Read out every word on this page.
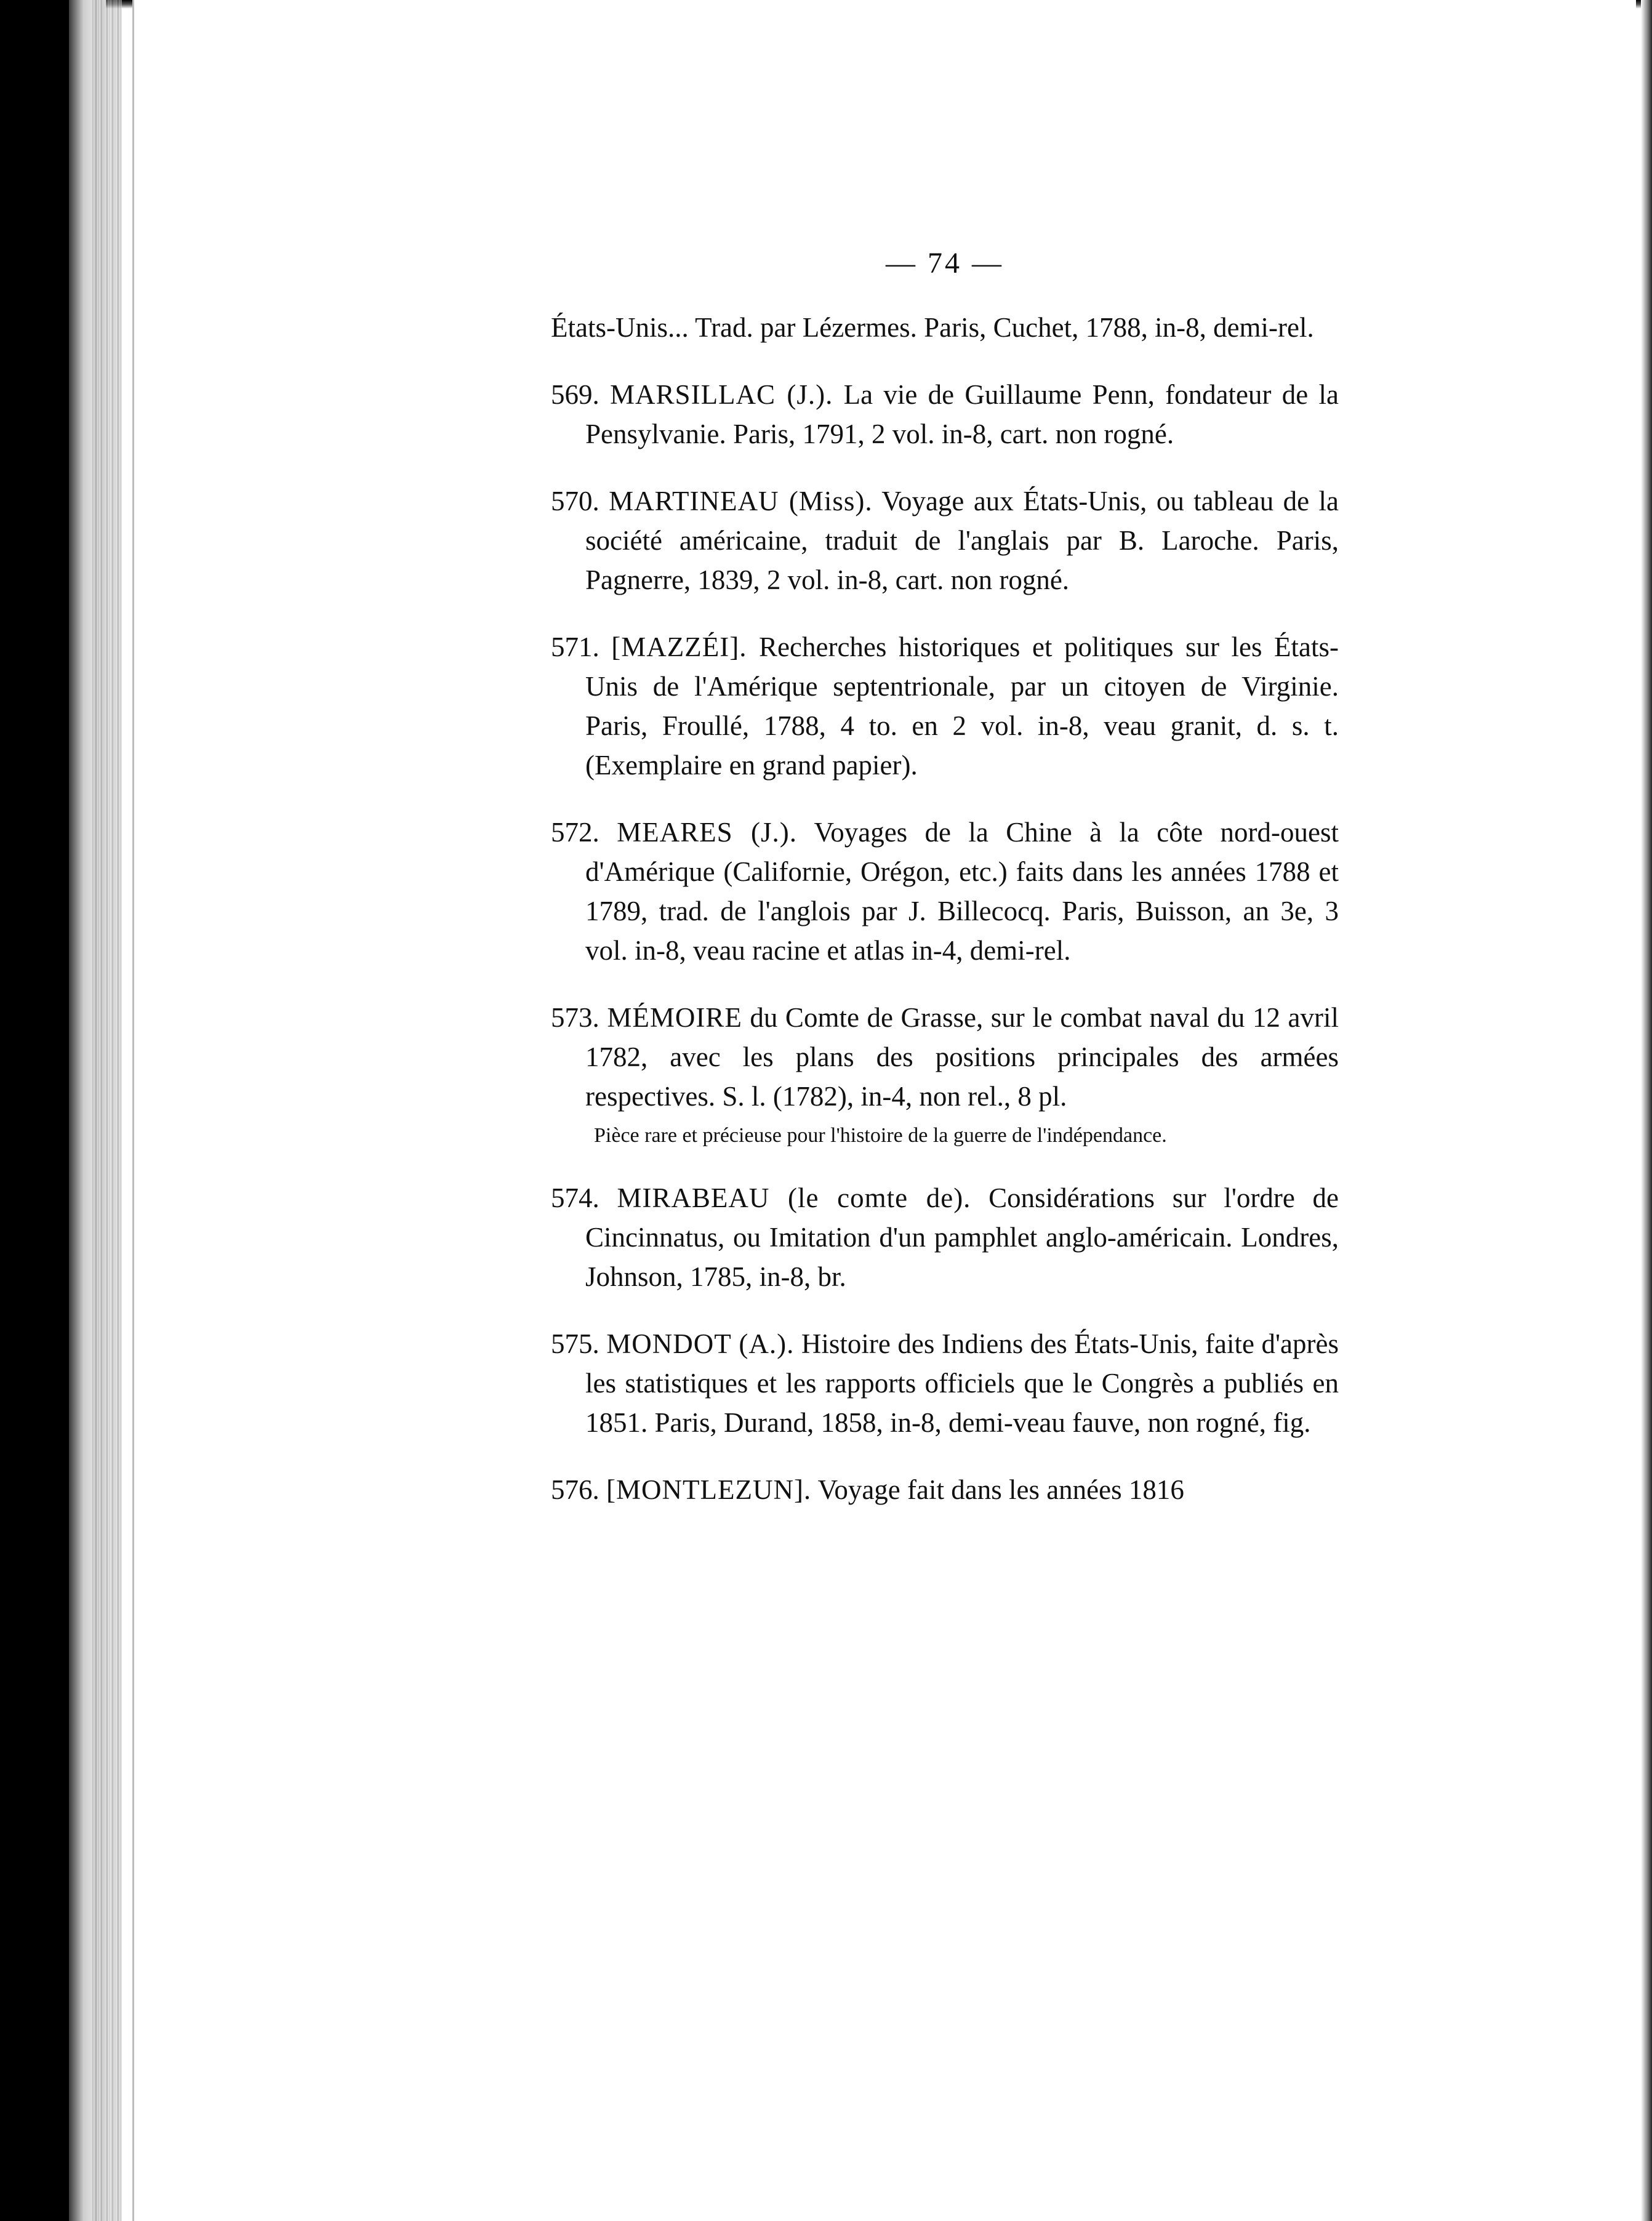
— 74 —

États-Unis... Trad. par Lézermes. Paris, Cuchet, 1788, in-8, demi-rel.

569. MARSILLAC (J.). La vie de Guillaume Penn, fondateur de la Pensylvanie. Paris, 1791, 2 vol. in-8, cart. non rogné.

570. MARTINEAU (Miss). Voyage aux États-Unis, ou tableau de la société américaine, traduit de l'anglais par B. Laroche. Paris, Pagnerre, 1839, 2 vol. in-8, cart. non rogné.

571. [MAZZÉI]. Recherches historiques et politiques sur les États-Unis de l'Amérique septentrionale, par un citoyen de Virginie. Paris, Froullé, 1788, 4 to. en 2 vol. in-8, veau granit, d. s. t. (Exemplaire en grand papier).

572. MEARES (J.). Voyages de la Chine à la côte nord-ouest d'Amérique (Californie, Orégon, etc.) faits dans les années 1788 et 1789, trad. de l'anglois par J. Billecocq. Paris, Buisson, an 3e, 3 vol. in-8, veau racine et atlas in-4, demi-rel.

573. MÉMOIRE du Comte de Grasse, sur le combat naval du 12 avril 1782, avec les plans des positions principales des armées respectives. S. l. (1782), in-4, non rel., 8 pl.

Pièce rare et précieuse pour l'histoire de la guerre de l'indépendance.

574. MIRABEAU (le comte de). Considérations sur l'ordre de Cincinnatus, ou Imitation d'un pamphlet anglo-américain. Londres, Johnson, 1785, in-8, br.

575. MONDOT (A.). Histoire des Indiens des États-Unis, faite d'après les statistiques et les rapports officiels que le Congrès a publiés en 1851. Paris, Durand, 1858, in-8, demi-veau fauve, non rogné, fig.

576. [MONTLEZUN]. Voyage fait dans les années 1816
